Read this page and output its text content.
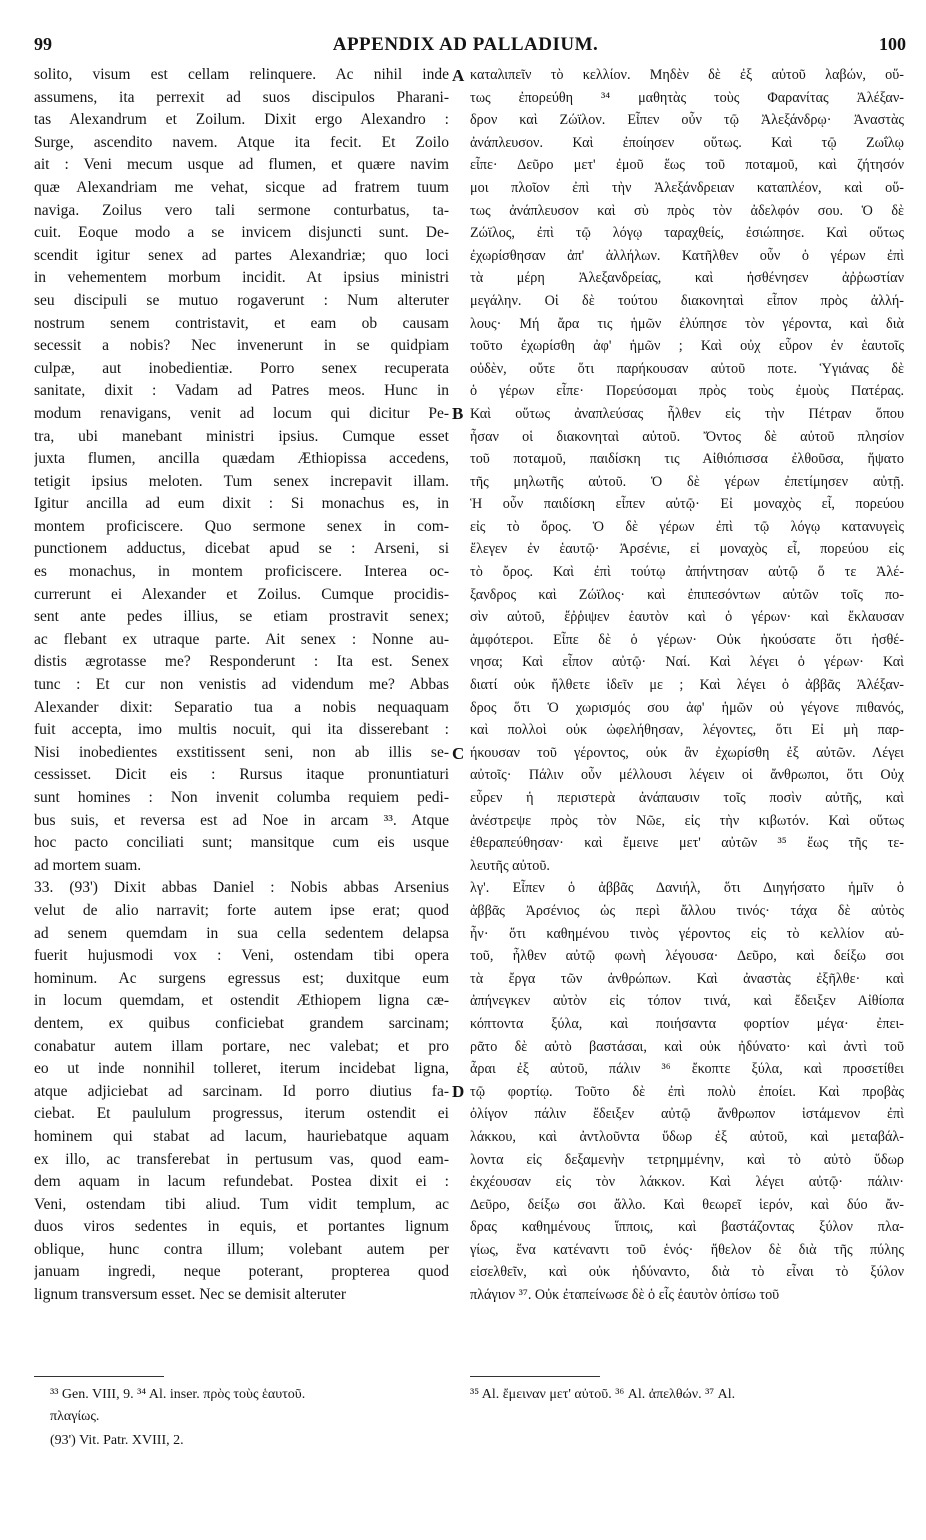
99	APPENDIX AD PALLADIUM.	100

solito, visum est cellam relinquere. Ac nihil inde

assumens, ita perrexit ad suos discipulos Pharani-

tas Alexandrum et Zoilum. Dixit ergo Alexandro :

Surge, ascendito navem. Atque ita fecit. Et Zoilo

ait : Veni mecum usque ad flumen, et quære navim

quæ Alexandriam me vehat, sicque ad fratrem tuum

naviga. Zoilus vero tali sermone conturbatus, ta-

cuit. Eoque modo a se invicem disjuncti sunt. De-

scendit igitur senex ad partes Alexandriæ; quo loci

in vehementem morbum incidit. At ipsius ministri

seu discipuli se mutuo rogaverunt : Num alteruter

nostrum senem contristavit, et eam ob causam

secessit a nobis? Nec invenerunt in se quidpiam

culpæ, aut inobedientiæ. Porro senex recuperata

sanitate, dixit : Vadam ad Patres meos. Hunc in

modum renavigans, venit ad locum qui dicitur Pe-

tra, ubi manebant ministri ipsius. Cumque esset

juxta flumen, ancilla quædam Æthiopissa accedens,

tetigit ipsius meloten. Tum senex increpavit illam.

Igitur ancilla ad eum dixit : Si monachus es, in

montem proficiscere. Quo sermone senex in com-

punctionem adductus, dicebat apud se : Arseni, si

es monachus, in montem proficiscere. Interea oc-

currerunt ei Alexander et Zoilus. Cumque procidis-

sent ante pedes illius, se etiam prostravit senex;

ac flebant ex utraque parte. Ait senex : Nonne au-

distis ægrotasse me? Responderunt : Ita est. Senex

tunc : Et cur non venistis ad videndum me? Abbas

Alexander dixit: Separatio tua a nobis nequaquam

fuit accepta, imo multis nocuit, qui ita disserebant :

Nisi inobedientes exstitissent seni, non ab illis se-

cessisset. Dicit eis : Rursus itaque pronuntiaturi

sunt homines : Non invenit columba requiem pedi-

bus suis, et reversa est ad Noe in arcam ³³. Atque

hoc pacto conciliati sunt; mansitque cum eis usque

ad mortem suam.

33. (93') Dixit abbas Daniel : Nobis abbas Arsenius

velut de alio narravit; forte autem ipse erat; quod

ad senem quemdam in sua cella sedentem delapsa

fuerit hujusmodi vox : Veni, ostendam tibi opera

hominum. Ac surgens egressus est; duxitque eum

in locum quemdam, et ostendit Æthiopem ligna cæ-

dentem, ex quibus conficiebat grandem sarcinam;

conabatur autem illam portare, nec valebat; et pro

eo ut inde nonnihil tolleret, iterum incidebat ligna,

atque adjiciebat ad sarcinam. Id porro diutius fa-

ciebat. Et paululum progressus, iterum ostendit ei

hominem qui stabat ad lacum, hauriebatque aquam

ex illo, ac transferebat in pertusum vas, quod eam-

dem aquam in lacum refundebat. Postea dixit ei :

Veni, ostendam tibi aliud. Tum vidit templum, ac

duos viros sedentes in equis, et portantes lignum

oblique, hunc contra illum; volebant autem per

januam ingredi, neque poterant, propterea quod

lignum transversum esset. Nec se demisit alteruter

καταλιπεῖν τὸ κελλίον. Μηδὲν δὲ ἐξ αὐτοῦ λαβών, οὕ-

τως ἐπορεύθη ³⁴ μαθητὰς τοὺς Φαρανίτας Ἀλέξαν-

δρον καὶ Ζώϊλον. Εἶπεν οὖν τῷ Ἀλεξάνδρῳ· Ἀναστὰς

ἀνάπλευσον. Καὶ ἐποίησεν οὕτως. Καὶ τῷ Ζωΐλῳ

εἶπε· Δεῦρο μετ' ἐμοῦ ἕως τοῦ ποταμοῦ, καὶ ζήτησόν

μοι πλοῖον ἐπὶ τὴν Ἀλεξάνδρειαν καταπλέον, καὶ οὕ-

τως ἀνάπλευσον καὶ σὺ πρὸς τὸν ἀδελφόν σου. Ὁ δὲ

Ζώϊλος, ἐπὶ τῷ λόγῳ ταραχθείς, ἐσιώπησε. Καὶ οὕτως

ἐχωρίσθησαν ἀπ' ἀλλήλων. Κατῆλθεν οὖν ὁ γέρων ἐπὶ

τὰ μέρη Ἀλεξανδρείας, καὶ ἠσθένησεν ἀῤῥωστίαν

μεγάλην. Οἱ δὲ τούτου διακονηταὶ εἶπον πρὸς ἀλλή-

λους· Μή ἄρα τις ἡμῶν ἐλύπησε τὸν γέροντα, καὶ διὰ

τοῦτο ἐχωρίσθη ἀφ' ἡμῶν ; Καὶ οὐχ εὗρον ἐν ἑαυτοῖς

οὐδὲν, οὔτε ὅτι παρήκουσαν αὐτοῦ ποτε. Ὑγιάνας δὲ

ὁ γέρων εἶπε· Πορεύσομαι πρὸς τοὺς ἐμοὺς Πατέρας.

Καὶ οὕτως ἀναπλεύσας ἦλθεν εἰς τὴν Πέτραν ὅπου

ἦσαν οἱ διακονηταὶ αὐτοῦ. Ὄντος δὲ αὐτοῦ πλησίον

τοῦ ποταμοῦ, παιδίσκη τις Αἰθιόπισσα ἐλθοῦσα, ἥψατο

τῆς μηλωτῆς αὐτοῦ. Ὁ δὲ γέρων ἐπετίμησεν αὐτῇ.

Ἡ οὖν παιδίσκη εἶπεν αὐτῷ· Εἰ μοναχὸς εἶ, πορεύου

εἰς τὸ ὄρος. Ὁ δὲ γέρων ἐπὶ τῷ λόγῳ κατανυγεὶς

ἔλεγεν ἐν ἑαυτῷ· Ἀρσένιε, εἰ μοναχὸς εἶ, πορεύου εἰς

τὸ ὄρος. Καὶ ἐπὶ τούτῳ ἀπήντησαν αὐτῷ ὅ τε Ἀλέ-

ξανδρος καὶ Ζώϊλος· καὶ ἐπιπεσόντων αὐτῶν τοῖς πο-

σὶν αὐτοῦ, ἔῤῥιψεν ἑαυτὸν καὶ ὁ γέρων· καὶ ἔκλαυσαν

ἀμφότεροι. Εἶπε δὲ ὁ γέρων· Οὐκ ἠκούσατε ὅτι ἠσθέ-

νησα; Καὶ εἶπον αὐτῷ· Ναί. Καὶ λέγει ὁ γέρων· Καὶ

διατί οὐκ ἤλθετε ἰδεῖν με ; Καὶ λέγει ὁ ἀββᾶς Ἀλέξαν-

δρος ὅτι Ὁ χωρισμός σου ἀφ' ἡμῶν οὐ γέγονε πιθανός,

καὶ πολλοὶ οὐκ ὠφελήθησαν, λέγοντες, ὅτι Εἰ μὴ παρ-

ήκουσαν τοῦ γέροντος, οὐκ ἂν ἐχωρίσθη ἐξ αὐτῶν. Λέγει

αὐτοῖς· Πάλιν οὖν μέλλουσι λέγειν οἱ ἄνθρωποι, ὅτι Οὐχ

εὗρεν ἡ περιστερὰ ἀνάπαυσιν τοῖς ποσὶν αὐτῆς, καὶ

ἀνέστρεψε πρὸς τὸν Νῶε, εἰς τὴν κιβωτόν. Καὶ οὕτως

ἐθεραπεύθησαν· καὶ ἔμεινε μετ' αὐτῶν ³⁵ ἕως τῆς τε-

λευτῆς αὐτοῦ.

λγ'. Εἶπεν ὁ ἀββᾶς Δανιήλ, ὅτι Διηγήσατο ἡμῖν ὁ

ἀββᾶς Ἀρσένιος ὡς περὶ ἄλλου τινός· τάχα δὲ αὐτὸς

ἦν· ὅτι καθημένου τινὸς γέροντος εἰς τὸ κελλίον αὐ-

τοῦ, ἦλθεν αὐτῷ φωνὴ λέγουσα· Δεῦρο, καὶ δείξω σοι

τὰ ἔργα τῶν ἀνθρώπων. Καὶ ἀναστὰς ἐξῆλθε· καὶ

ἀπήνεγκεν αὐτὸν εἰς τόπον τινά, καὶ ἔδειξεν Αἰθίοπα

κόπτοντα ξύλα, καὶ ποιήσαντα φορτίον μέγα· ἐπει-

ρᾶτο δὲ αὐτὸ βαστάσαι, καὶ οὐκ ἠδύνατο· καὶ ἀντὶ τοῦ

ἆραι ἐξ αὐτοῦ, πάλιν ³⁶ ἔκοπτε ξύλα, καὶ προσετίθει

τῷ φορτίῳ. Τοῦτο δὲ ἐπὶ πολὺ ἐποίει. Καὶ προβὰς

ὀλίγον πάλιν ἔδειξεν αὐτῷ ἄνθρωπον ἱστάμενον ἐπὶ

λάκκου, καὶ ἀντλοῦντα ὕδωρ ἐξ αὐτοῦ, καὶ μεταβάλ-

λοντα εἰς δεξαμενὴν τετρημμένην, καὶ τὸ αὐτὸ ὕδωρ

ἐκχέουσαν εἰς τὸν λάκκον. Καὶ λέγει αὐτῷ· πάλιν·

Δεῦρο, δείξω σοι ἄλλο. Καὶ θεωρεῖ ἱερόν, καὶ δύο ἄν-

δρας καθημένους ἵπποις, καὶ βαστάζοντας ξύλον πλα-

γίως, ἕνα κατέναντι τοῦ ἑνός· ἤθελον δὲ διὰ τῆς πύλης

εἰσελθεῖν, καὶ οὐκ ἠδύναντο, διὰ τὸ εἶναι τὸ ξύλον

πλάγιον ³⁷. Οὐκ ἐταπείνωσε δὲ ὁ εἷς ἑαυτὸν ὀπίσω τοῦ

A
B
C
D

³³ Gen. VIII, 9. ³⁴ Al. inser. πρὸς τοὺς ἑαυτοῦ.

πλαγίως.

³⁵ Al. ἔμειναν μετ' αὐτοῦ. ³⁶ Al. ἀπελθών. ³⁷ Al.

(93') Vit. Patr. XVIII, 2.
